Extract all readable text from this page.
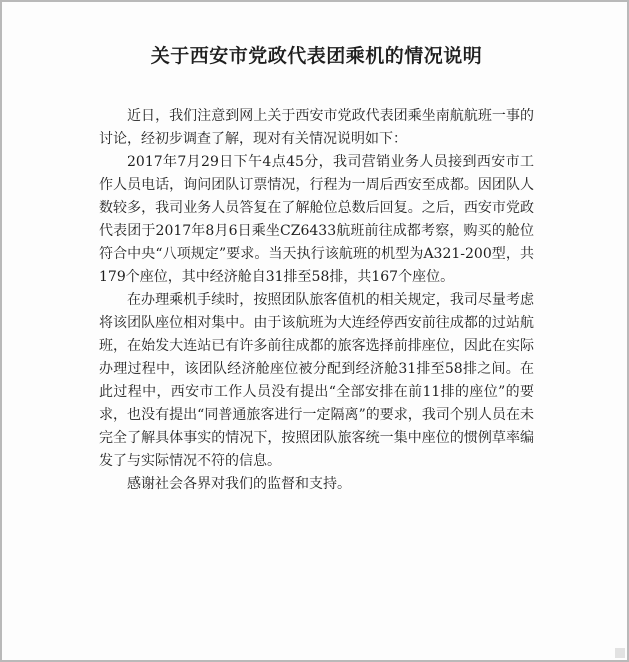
关于西安市党政代表团乘机的情况说明

近日，我们注意到网上关于西安市党政代表团乘坐南航航班一事的讨论，经初步调查了解，现对有关情况说明如下：

2017年7月29日下午4点45分，我司营销业务人员接到西安市工作人员电话，询问团队订票情况，行程为一周后西安至成都。因团队人数较多，我司业务人员答复在了解舱位总数后回复。之后，西安市党政代表团于2017年8月6日乘坐CZ6433航班前往成都考察，购买的舱位符合中央“八项规定”要求。当天执行该航班的机型为A321-200型，共179个座位，其中经济舱自31排至58排，共167个座位。

在办理乘机手续时，按照团队旅客值机的相关规定，我司尽量考虑将该团队座位相对集中。由于该航班为大连经停西安前往成都的过站航班，在始发大连站已有许多前往成都的旅客选择前排座位，因此在实际办理过程中，该团队经济舱座位被分配到经济舱31排至58排之间。在此过程中，西安市工作人员没有提出“全部安排在前11排的座位”的要求，也没有提出“同普通旅客进行一定隔离”的要求，我司个别人员在未完全了解具体事实的情况下，按照团队旅客统一集中座位的惯例草率编发了与实际情况不符的信息。

感谢社会各界对我们的监督和支持。
